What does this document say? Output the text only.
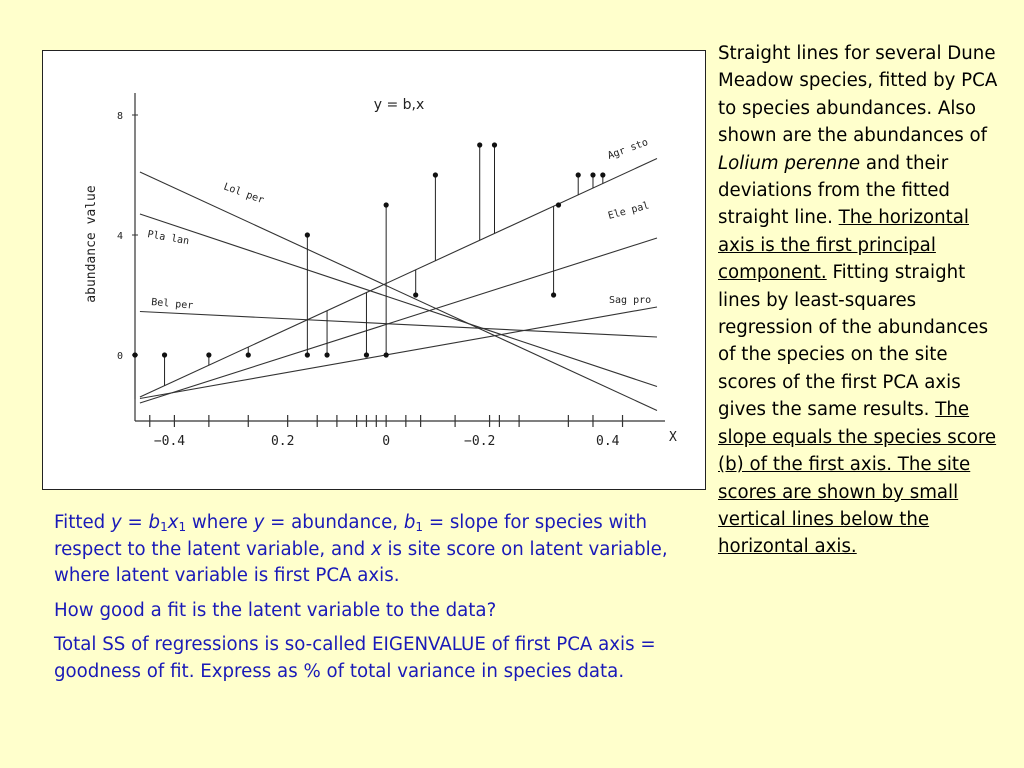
8
4
0
0.4
−0.2
0
0.2
−0.4	X
abundance value
y = b,x
Agr sto
Ele pal
Sag pro
Bel per
Pla lan
Lol per

Straight lines for several Dune Meadow species, fitted by PCA to species abundances. Also shown are the abundances of Lolium perenne and their deviations from the fitted straight line. The horizontal axis is the first principal component. Fitting straight lines by least-squares regression of the abundances of the species on the site scores of the first PCA axis gives the same results. The slope equals the species score (b) of the first axis. The site scores are shown by small vertical lines below the horizontal axis.

Fitted $y = b_1x_1$ where y = abundance, $b_1$ = slope for species with respect to the latent variable, and x is site score on latent variable, where latent variable is first PCA axis.

How good a fit is the latent variable to the data?

Total SS of regressions is so-called EIGENVALUE of first PCA axis = goodness of fit. Express as % of total variance in species data.
